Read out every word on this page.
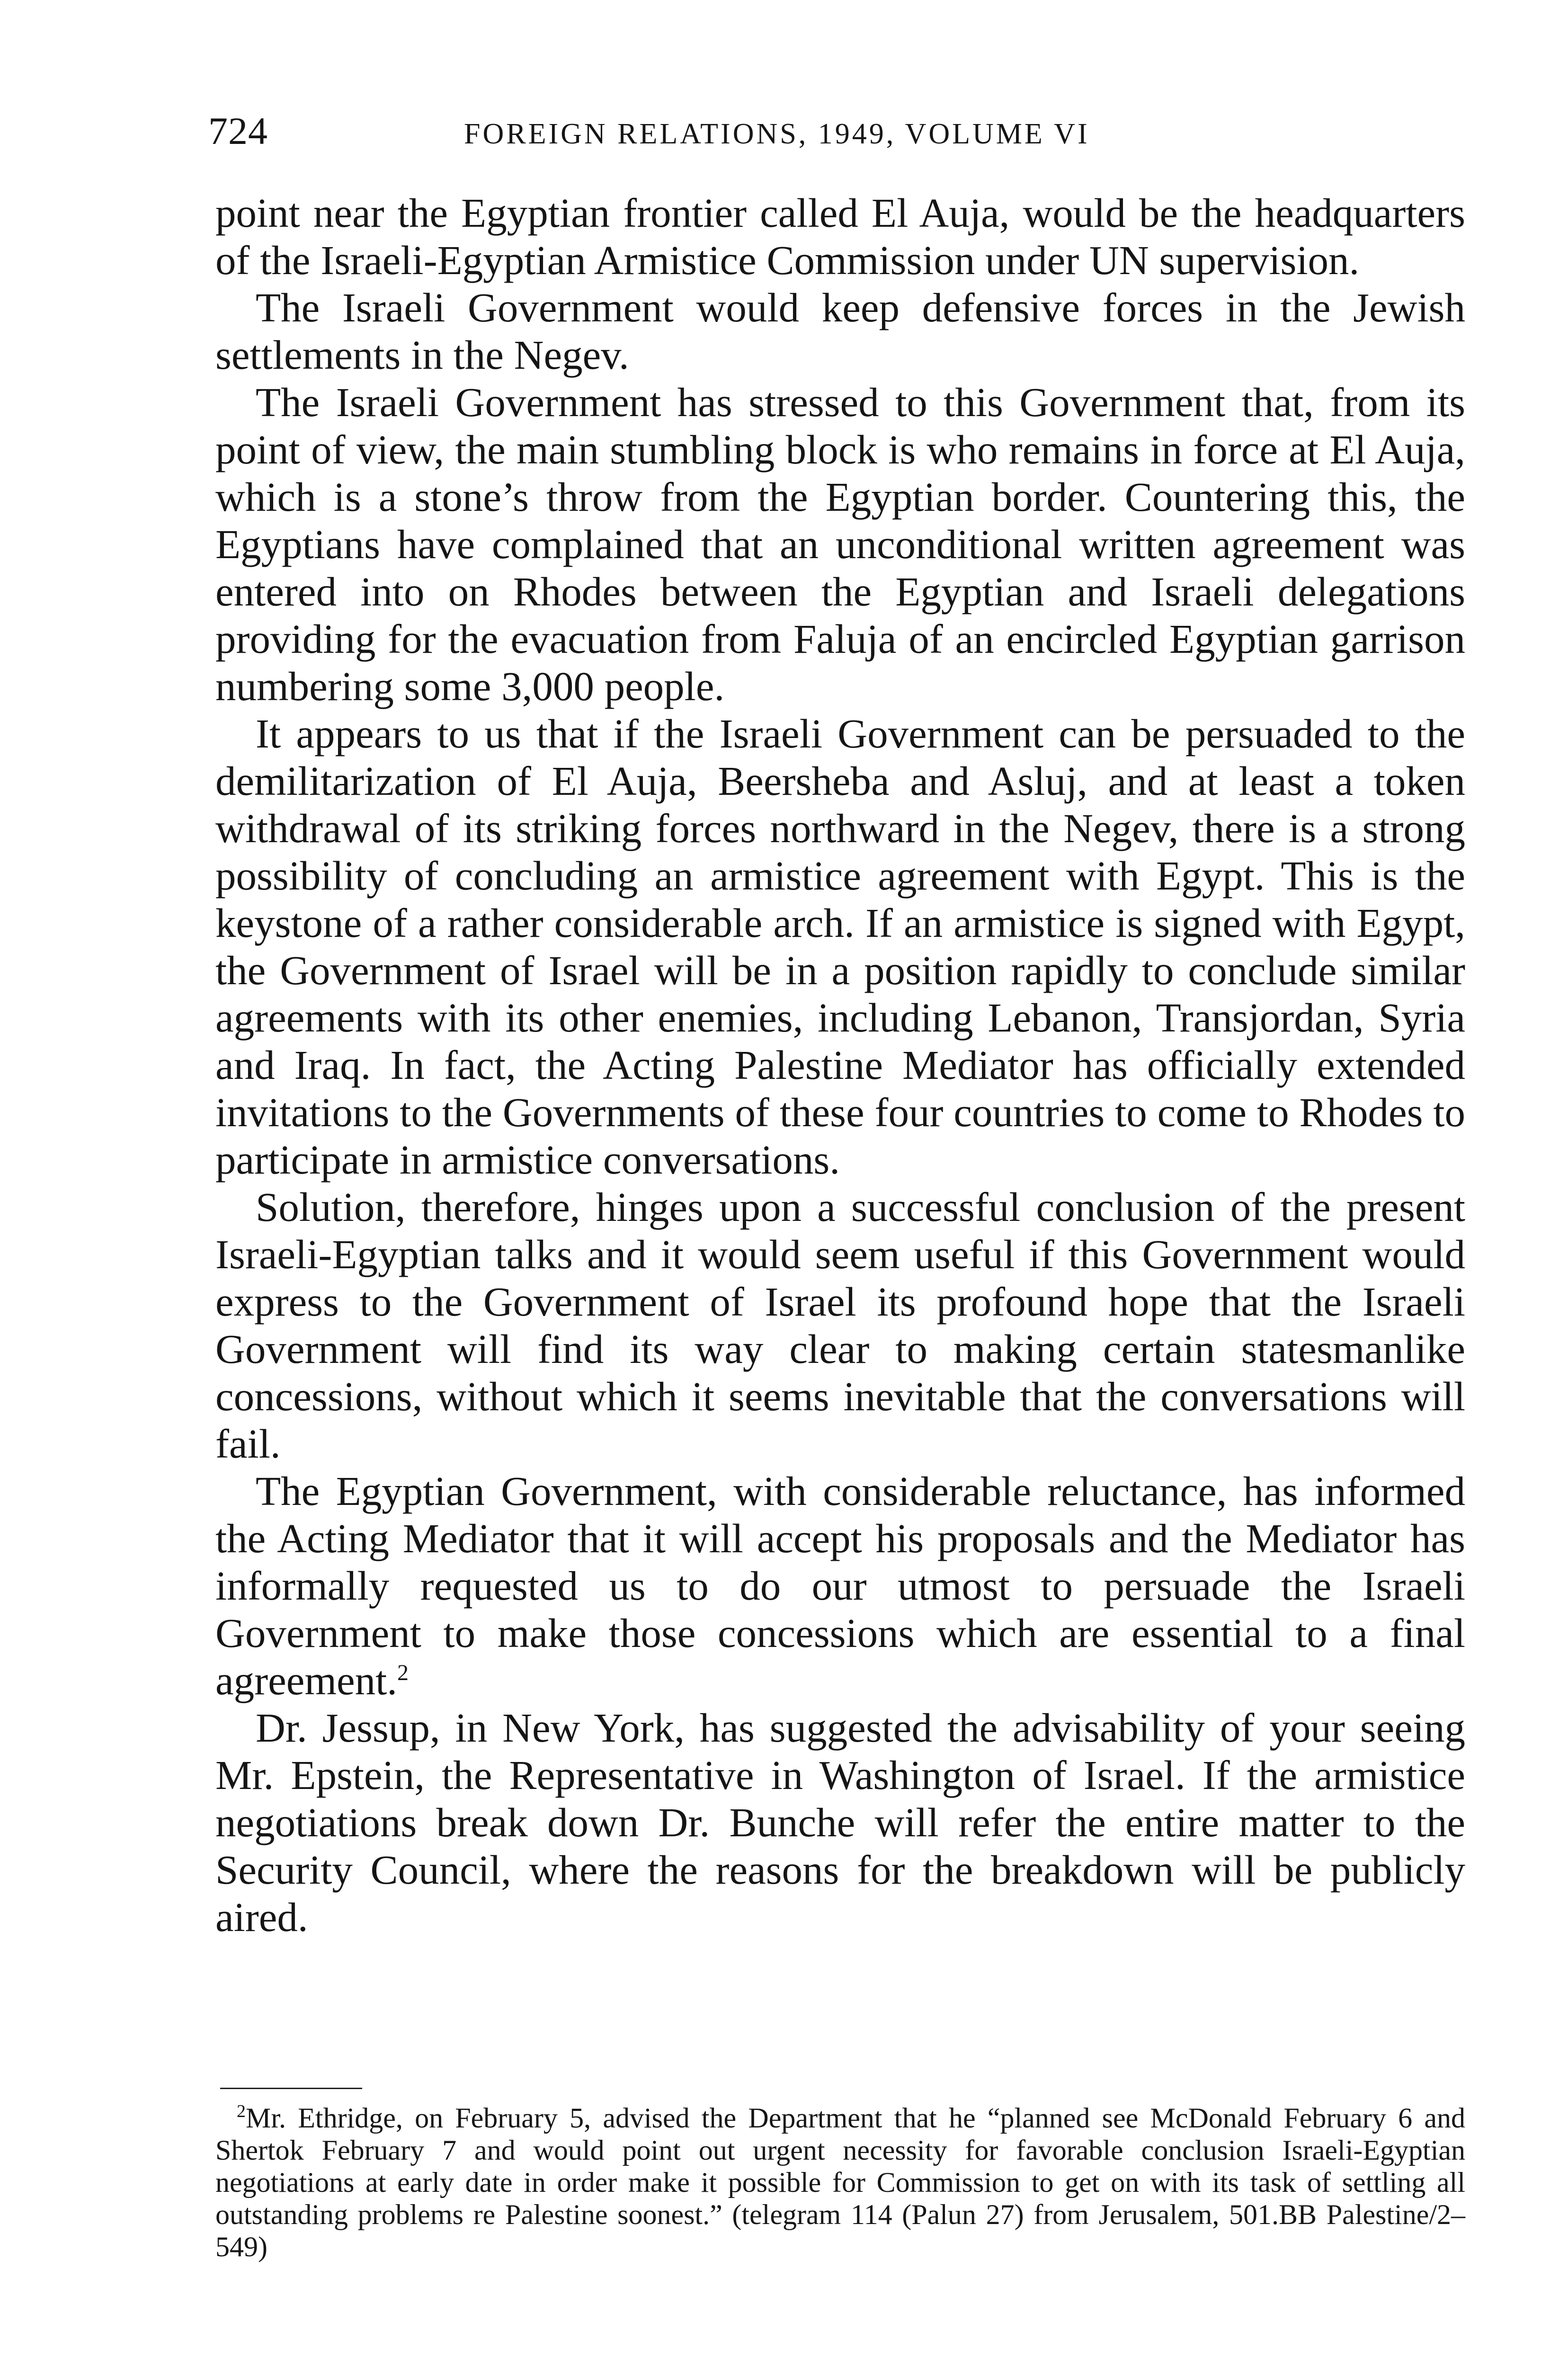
724	FOREIGN RELATIONS, 1949, VOLUME VI

point near the Egyptian frontier called El Auja, would be the headquarters of the Israeli-Egyptian Armistice Commission under UN supervision.

The Israeli Government would keep defensive forces in the Jewish settlements in the Negev.

The Israeli Government has stressed to this Government that, from its point of view, the main stumbling block is who remains in force at El Auja, which is a stone’s throw from the Egyptian border. Countering this, the Egyptians have complained that an unconditional written agreement was entered into on Rhodes between the Egyptian and Israeli delegations providing for the evacuation from Faluja of an encircled Egyptian garrison numbering some 3,000 people.

It appears to us that if the Israeli Government can be persuaded to the demilitarization of El Auja, Beersheba and Asluj, and at least a token withdrawal of its striking forces northward in the Negev, there is a strong possibility of concluding an armistice agreement with Egypt. This is the keystone of a rather considerable arch. If an armistice is signed with Egypt, the Government of Israel will be in a position rapidly to conclude similar agreements with its other enemies, including Lebanon, Transjordan, Syria and Iraq. In fact, the Acting Palestine Mediator has officially extended invitations to the Governments of these four countries to come to Rhodes to participate in armistice conversations.

Solution, therefore, hinges upon a successful conclusion of the present Israeli-Egyptian talks and it would seem useful if this Government would express to the Government of Israel its profound hope that the Israeli Government will find its way clear to making certain statesmanlike concessions, without which it seems inevitable that the conversations will fail.

The Egyptian Government, with considerable reluctance, has informed the Acting Mediator that it will accept his proposals and the Mediator has informally requested us to do our utmost to persuade the Israeli Government to make those concessions which are essential to a final agreement.$^2$

Dr. Jessup, in New York, has suggested the advisability of your seeing Mr. Epstein, the Representative in Washington of Israel. If the armistice negotiations break down Dr. Bunche will refer the entire matter to the Security Council, where the reasons for the breakdown will be publicly aired.

$^2$Mr. Ethridge, on February 5, advised the Department that he “planned see McDonald February 6 and Shertok February 7 and would point out urgent necessity for favorable conclusion Israeli-Egyptian negotiations at early date in order make it possible for Commission to get on with its task of settling all outstanding problems re Palestine soonest.” (telegram 114 (Palun 27) from Jerusalem, 501.BB Palestine/2–549)
